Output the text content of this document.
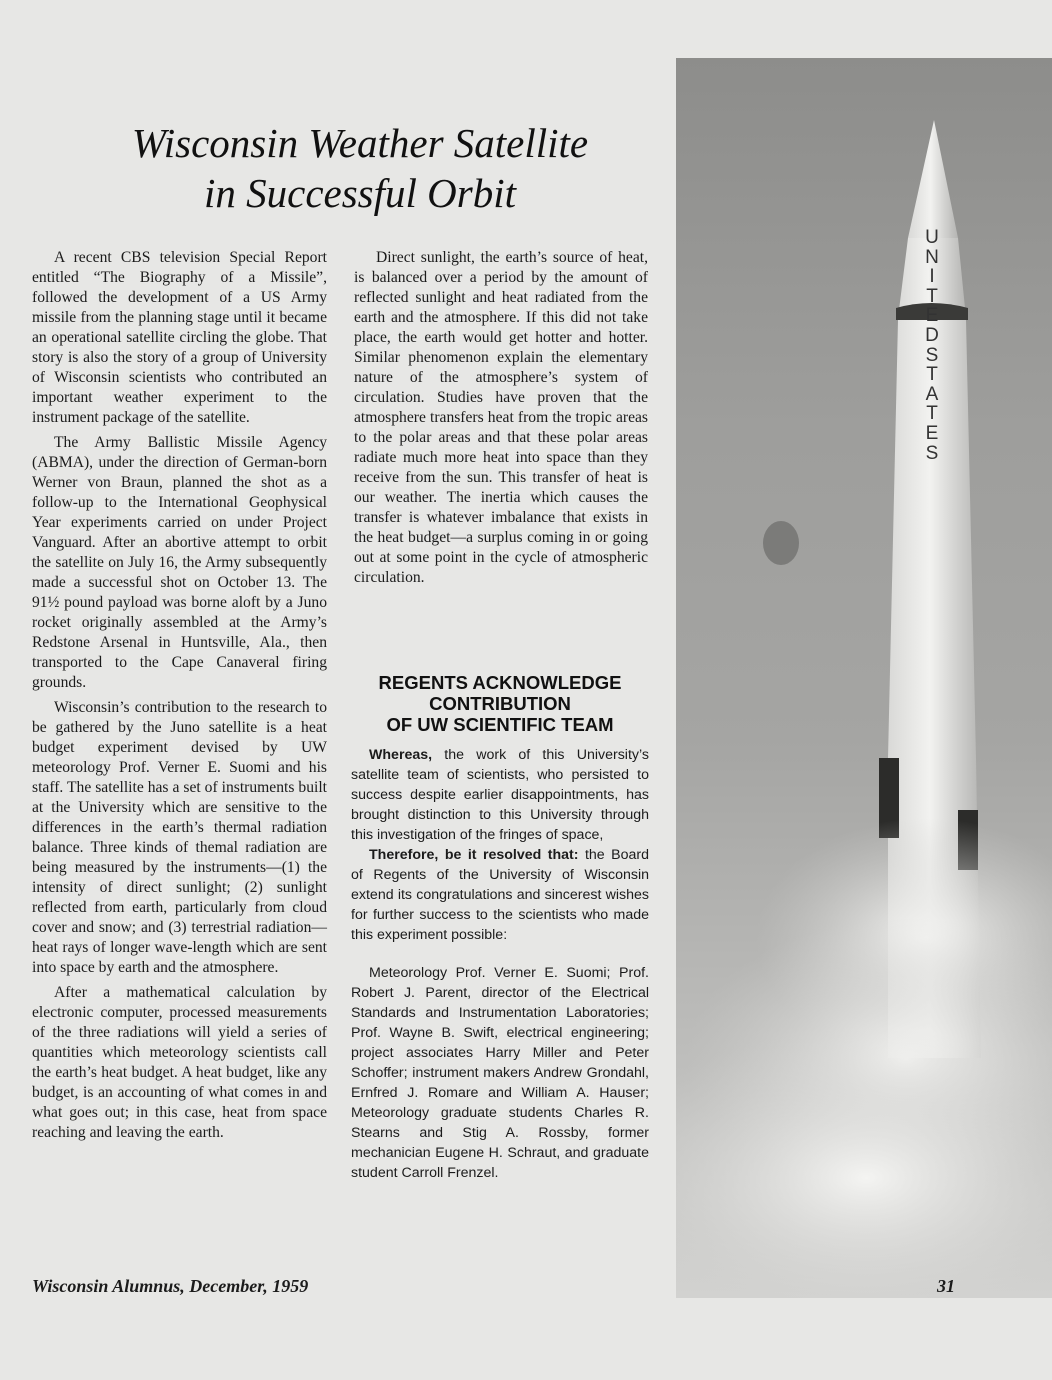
Wisconsin Weather Satellite
in Successful Orbit

A recent CBS television Special Report entitled “The Biography of a Missile”, followed the development of a US Army missile from the planning stage until it became an operational satellite circling the globe. That story is also the story of a group of University of Wisconsin scientists who contributed an important weather experiment to the instrument package of the satellite.

The Army Ballistic Missile Agency (ABMA), under the direction of German-born Werner von Braun, planned the shot as a follow-up to the International Geophysical Year experiments carried on under Project Vanguard. After an abortive attempt to orbit the satellite on July 16, the Army subsequently made a successful shot on October 13. The 91½ pound payload was borne aloft by a Juno rocket originally assembled at the Army’s Redstone Arsenal in Huntsville, Ala., then transported to the Cape Canaveral firing grounds.

Wisconsin’s contribution to the research to be gathered by the Juno satellite is a heat budget experiment devised by UW meteorology Prof. Verner E. Suomi and his staff. The satellite has a set of instruments built at the University which are sensitive to the differences in the earth’s thermal radiation balance. Three kinds of themal radiation are being measured by the instruments—(1) the intensity of direct sunlight; (2) sunlight reflected from earth, particularly from cloud cover and snow; and (3) terrestrial radiation—heat rays of longer wave-length which are sent into space by earth and the atmosphere.

After a mathematical calculation by electronic computer, processed measurements of the three radiations will yield a series of quantities which meteorology scientists call the earth’s heat budget. A heat budget, like any budget, is an accounting of what comes in and what goes out; in this case, heat from space reaching and leaving the earth.

Direct sunlight, the earth’s source of heat, is balanced over a period by the amount of reflected sunlight and heat radiated from the earth and the atmosphere. If this did not take place, the earth would get hotter and hotter. Similar phenomenon explain the elementary nature of the atmosphere’s system of circulation. Studies have proven that the atmosphere transfers heat from the tropic areas to the polar areas and that these polar areas radiate much more heat into space than they receive from the sun. This transfer of heat is our weather. The inertia which causes the transfer is whatever imbalance that exists in the heat budget—a surplus coming in or going out at some point in the cycle of atmospheric circulation.

REGENTS ACKNOWLEDGE
CONTRIBUTION
OF UW SCIENTIFIC TEAM

Whereas, the work of this University’s satellite team of scientists, who persisted to success despite earlier disappointments, has brought distinction to this University through this investigation of the fringes of space,

Therefore, be it resolved that: the Board of Regents of the University of Wisconsin extend its congratulations and sincerest wishes for further success to the scientists who made this experiment possible:

Meteorology Prof. Verner E. Suomi; Prof. Robert J. Parent, director of the Electrical Standards and Instrumentation Laboratories; Prof. Wayne B. Swift, electrical engineering; project associates Harry Miller and Peter Schoffer; instrument makers Andrew Grondahl, Ernfred J. Romare and William A. Hauser; Meteorology graduate students Charles R. Stearns and Stig A. Rossby, former mechanician Eugene H. Schraut, and graduate student Carroll Frenzel.

U
N
I
T
E
D
S
T
A
T
E
S
Wisconsin Alumnus, December, 1959	31
